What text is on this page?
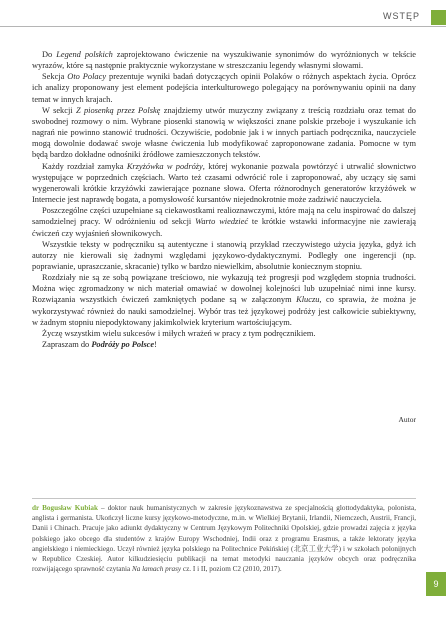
WSTĘP

Do Legend polskich zaprojektowano ćwiczenie na wyszukiwanie synonimów do wyróżnionych w tekście wyrazów, które są następnie praktycznie wykorzystane w streszczaniu legendy własnymi słowami.

Sekcja Oto Polacy prezentuje wyniki badań dotyczących opinii Polaków o różnych aspektach życia. Oprócz ich analizy proponowany jest element podejścia interkulturowego polegający na porównywaniu opinii na dany temat w innych krajach.

W sekcji Z piosenką przez Polskę znajdziemy utwór muzyczny związany z treścią rozdziału oraz temat do swobodnej rozmowy o nim. Wybrane piosenki stanowią w większości znane polskie przeboje i wyszukanie ich nagrań nie powinno stanowić trudności. Oczywiście, podobnie jak i w innych partiach podręcznika, nauczyciele mogą dowolnie dodawać swoje własne ćwiczenia lub modyfikować zaproponowane zadania. Pomocne w tym będą bardzo dokładne odnośniki źródłowe zamieszczonych tekstów.

Każdy rozdział zamyka Krzyżówka w podróży, której wykonanie pozwala powtórzyć i utrwalić słownictwo występujące w poprzednich częściach. Warto też czasami odwrócić role i zaproponować, aby uczący się sami wygenerowali krótkie krzyżówki zawierające poznane słowa. Oferta różnorodnych generatorów krzyżówek w Internecie jest naprawdę bogata, a pomysłowość kursantów niejednokrotnie może zadziwić nauczyciela.

Poszczególne części uzupełniane są ciekawostkami realioznawczymi, które mają na celu inspirować do dalszej samodzielnej pracy. W odróżnieniu od sekcji Warto wiedzieć te krótkie wstawki informacyjne nie zawierają ćwiczeń czy wyjaśnień słownikowych.

Wszystkie teksty w podręczniku są autentyczne i stanowią przykład rzeczywistego użycia języka, gdyż ich autorzy nie kierowali się żadnymi względami językowo-dydaktycznymi. Podległy one ingerencji (np. poprawianie, upraszczanie, skracanie) tylko w bardzo niewielkim, absolutnie koniecznym stopniu.

Rozdziały nie są ze sobą powiązane treściowo, nie wykazują też progresji pod względem stopnia trudności. Można więc zgromadzony w nich materiał omawiać w dowolnej kolejności lub uzupełniać nimi inne kursy. Rozwiązania wszystkich ćwiczeń zamkniętych podane są w załączonym Kluczu, co sprawia, że można je wykorzystywać również do nauki samodzielnej. Wybór tras też językowej podróży jest całkowicie subiektywny, w żadnym stopniu niepodyktowany jakimkolwiek kryterium wartościującym.

Życzę wszystkim wielu sukcesów i miłych wrażeń w pracy z tym podręcznikiem.

Zapraszam do Podróży po Polsce!

Autor
dr Bogusław Kubiak – doktor nauk humanistycznych w zakresie językoznawstwa ze specjalnością glottodydaktyka, polonista, anglista i germanista. Ukończył liczne kursy językowo-metodyczne, m.in. w Wielkiej Brytanii, Irlandii, Niemczech, Austrii, Francji, Danii i Chinach. Pracuje jako adiunkt dydaktyczny w Centrum Językowym Politechniki Opolskiej, gdzie prowadzi zajęcia z języka polskiego jako obcego dla studentów z krajów Europy Wschodniej, Indii oraz z programu Erasmus, a także lektoraty języka angielskiego i niemieckiego. Uczył również języka polskiego na Politechnice Pekińskiej (北京工业大学) i w szkołach polonijnych w Republice Czeskiej. Autor kilkudziesięciu publikacji na temat metodyki nauczania języków obcych oraz podręcznika rozwijającego sprawność czytania Na lamach prasy cz. I i II, poziom C2 (2010, 2017).
9
